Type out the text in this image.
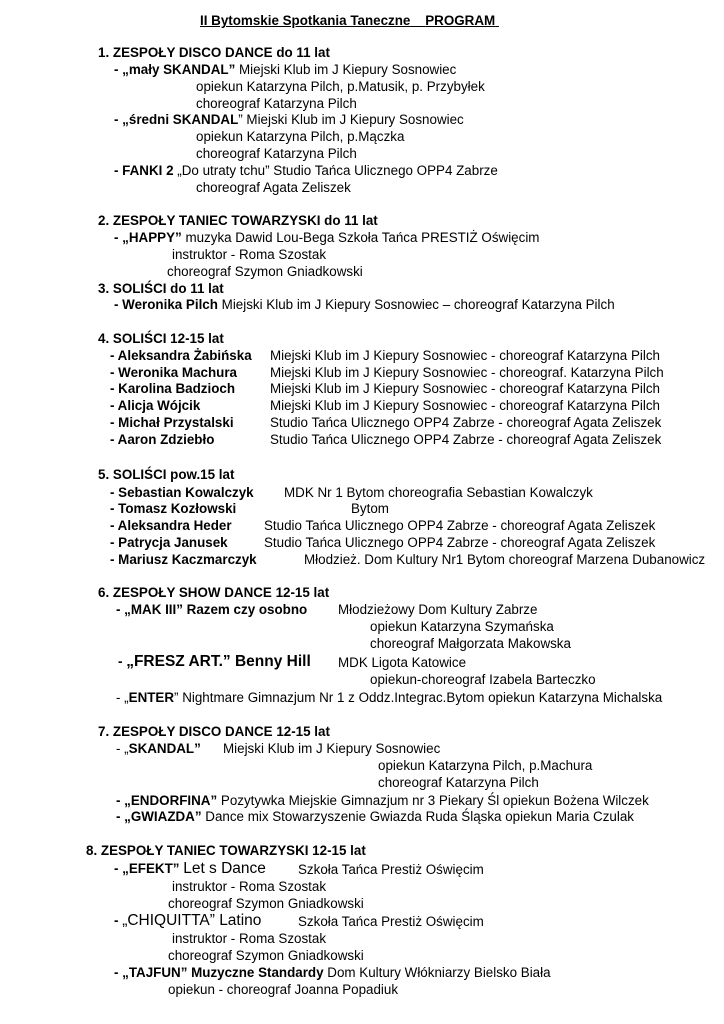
II Bytomskie Spotkania Taneczne PROGRAM
1. ZESPOŁY DISCO DANCE do 11 lat
- „mały SKANDAL” Miejski Klub im J Kiepury Sosnowiec
opiekun Katarzyna Pilch, p.Matusik, p. Przybyłek
choreograf Katarzyna Pilch
- „średni SKANDAL” Miejski Klub im J Kiepury Sosnowiec
opiekun Katarzyna Pilch, p.Mączka
choreograf Katarzyna Pilch
- FANKI 2 „Do utraty tchu” Studio Tańca Ulicznego OPP4 Zabrze
choreograf Agata Zeliszek
2. ZESPOŁY TANIEC TOWARZYSKI do 11 lat
- „HAPPY” muzyka Dawid Lou-Bega Szkoła Tańca PRESTIŻ Oświęcim
instruktor - Roma Szostak
choreograf Szymon Gniadkowski
3. SOLIŚCI do 11 lat
- Weronika Pilch Miejski Klub im J Kiepury Sosnowiec – choreograf Katarzyna Pilch
4. SOLIŚCI 12-15 lat
- Aleksandra Żabińska Miejski Klub im J Kiepury Sosnowiec - choreograf Katarzyna Pilch
- Weronika Machura Miejski Klub im J Kiepury Sosnowiec - choreograf. Katarzyna Pilch
- Karolina Badzioch	Miejski Klub im J Kiepury Sosnowiec - choreograf Katarzyna Pilch
- Alicja Wójcik	Miejski Klub im J Kiepury Sosnowiec - choreograf Katarzyna Pilch
- Michał Przystalski	Studio Tańca Ulicznego OPP4 Zabrze - choreograf Agata Zeliszek
- Aaron Zdziebło	Studio Tańca Ulicznego OPP4 Zabrze - choreograf Agata Zeliszek
5. SOLIŚCI pow.15 lat
- Sebastian Kowalczyk MDK Nr 1 Bytom choreografia Sebastian Kowalczyk
- Tomasz Kozłowski	Bytom
- Aleksandra Heder Studio Tańca Ulicznego OPP4 Zabrze - choreograf Agata Zeliszek
- Patrycja Janusek	Studio Tańca Ulicznego OPP4 Zabrze - choreograf Agata Zeliszek
- Mariusz Kaczmarczyk	Młodzież. Dom Kultury Nr1 Bytom choreograf Marzena Dubanowicz
6. ZESPOŁY SHOW DANCE 12-15 lat
- „MAK III” Razem czy osobno Młodzieżowy Dom Kultury Zabrze
opiekun Katarzyna Szymańska
choreograf Małgorzata Makowska
- „FRESZ ART.” Benny Hill MDK Ligota Katowice
opiekun-choreograf Izabela Barteczko
- „ENTER” Nightmare Gimnazjum Nr 1 z Oddz.Integrac.Bytom opiekun Katarzyna Michalska
7. ZESPOŁY DISCO DANCE 12-15 lat
- „SKANDAL” Miejski Klub im J Kiepury Sosnowiec
opiekun Katarzyna Pilch, p.Machura
choreograf Katarzyna Pilch
- „ENDORFINA” Pozytywka Miejskie Gimnazjum nr 3 Piekary Śl opiekun Bożena Wilczek
- „GWIAZDA” Dance mix Stowarzyszenie Gwiazda Ruda Śląska opiekun Maria Czulak
8. ZESPOŁY TANIEC TOWARZYSKI 12-15 lat
- „EFEKT” Let s Dance Szkoła Tańca Prestiż Oświęcim
instruktor - Roma Szostak
choreograf Szymon Gniadkowski
- „CHIQUITTA” Latino	Szkoła Tańca Prestiż Oświęcim
instruktor - Roma Szostak
choreograf Szymon Gniadkowski
- „TAJFUN” Muzyczne Standardy Dom Kultury Włókniarzy Bielsko Biała
opiekun - choreograf Joanna Popadiuk
